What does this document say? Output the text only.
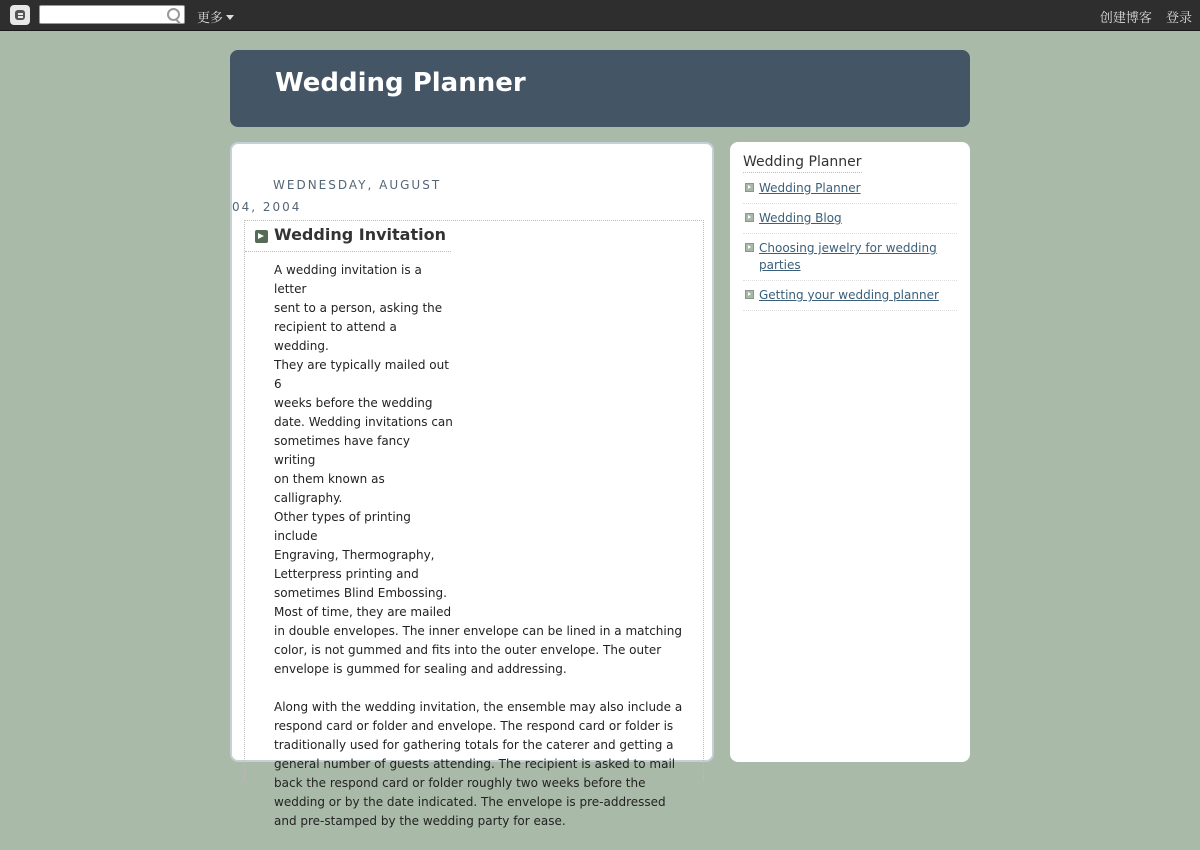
更多	创建博客 登录
Wedding Planner
WEDNESDAY, AUGUST
04, 2004
Wedding Invitation
A wedding invitation is a letter
sent to a person, asking the
recipient to attend a wedding.
They are typically mailed out 6
weeks before the wedding
date. Wedding invitations can
sometimes have fancy writing
on them known as calligraphy.
Other types of printing include
Engraving, Thermography,
Letterpress printing and
sometimes Blind Embossing.
Most of time, they are mailed

in double envelopes. The inner envelope can be lined in a matching color, is not gummed and fits into the outer envelope. The outer envelope is gummed for sealing and addressing.

Along with the wedding invitation, the ensemble may also include a respond card or folder and envelope. The respond card or folder is traditionally used for gathering totals for the caterer and getting a general number of guests attending. The recipient is asked to mail back the respond card or folder roughly two weeks before the wedding or by the date indicated. The envelope is pre-addressed and pre-stamped by the wedding party for ease.

Wedding Planner
Wedding Planner
Wedding Blog
Choosing jewelry for wedding parties
Getting your wedding planner
